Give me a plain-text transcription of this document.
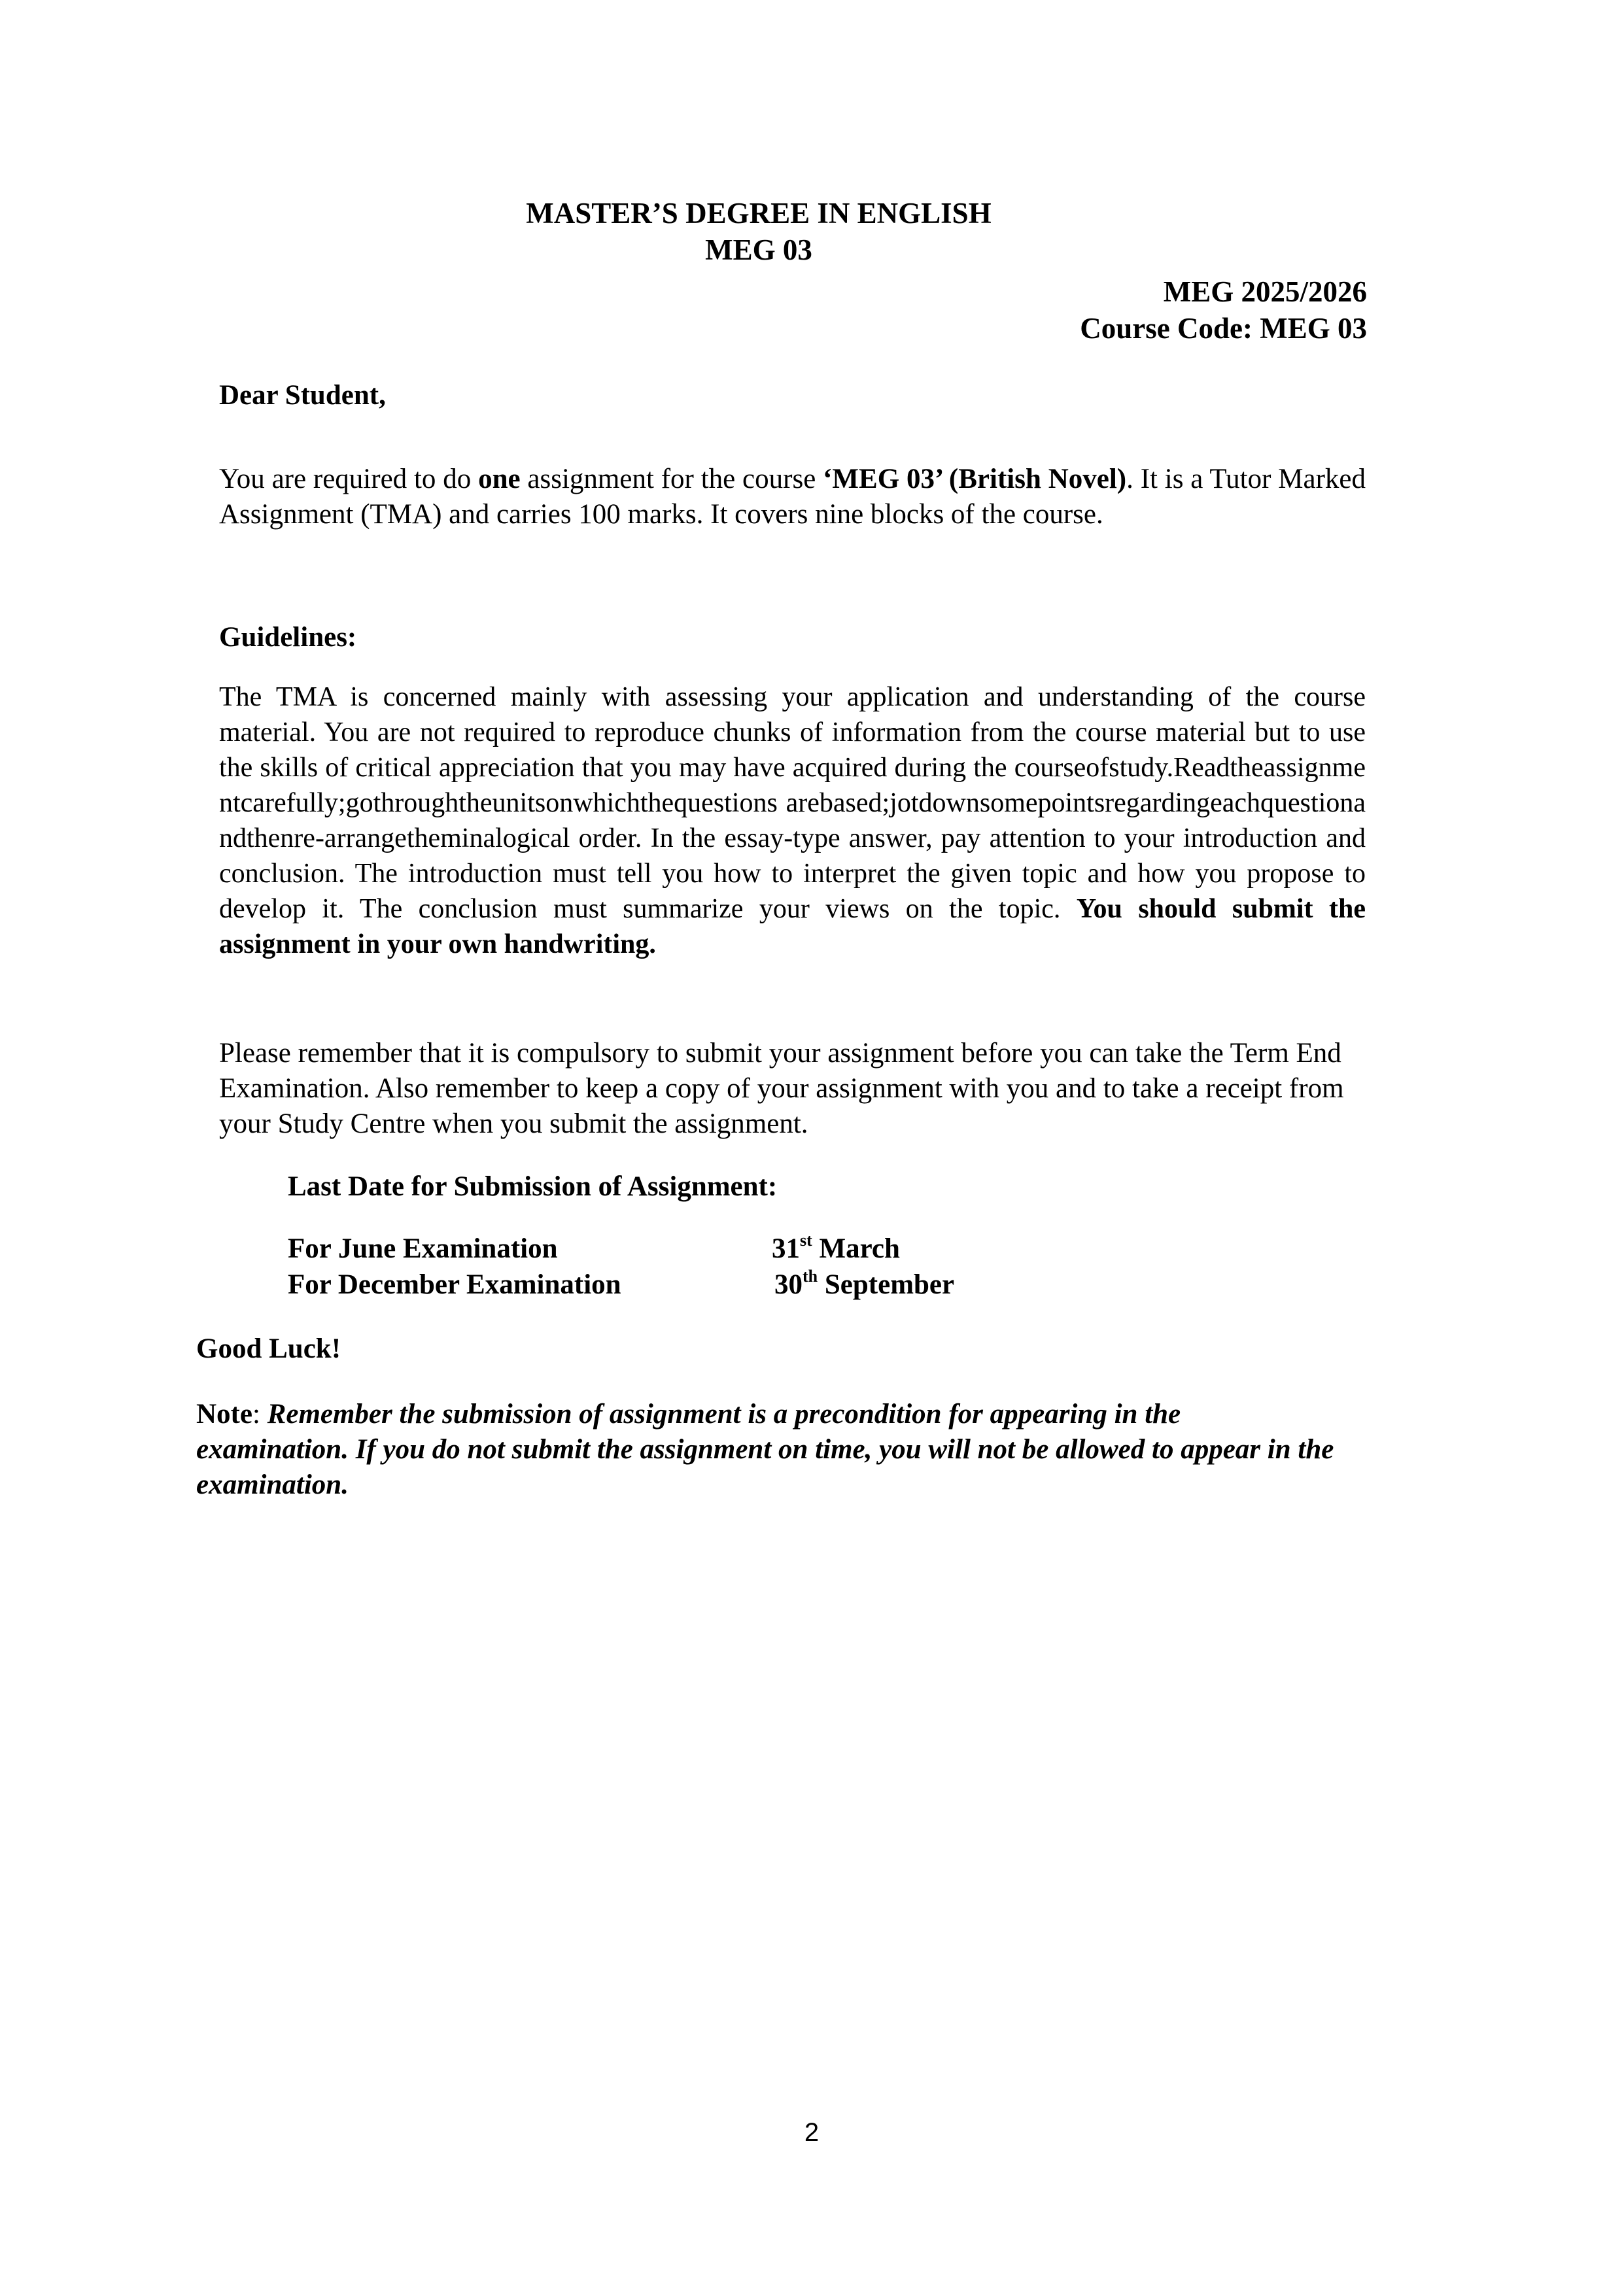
MASTER’S DEGREE IN ENGLISH
MEG 03
MEG 2025/2026
Course Code: MEG 03
Dear Student,
You are required to do one assignment for the course ‘MEG 03’ (British Novel). It is a Tutor Marked Assignment (TMA) and carries 100 marks. It covers nine blocks of the course.
Guidelines:
The TMA is concerned mainly with assessing your application and understanding of the course material. You are not required to reproduce chunks of information from the course material but to use the skills of critical appreciation that you may have acquired during the courseofstudy.Readtheassignmentcarefully;gothroughtheunitsonwhichthequestions arebased;jotdownsomepointsregardingeachquestionandthenre-arrangetheminalogical order. In the essay-type answer, pay attention to your introduction and conclusion. The introduction must tell you how to interpret the given topic and how you propose to develop it. The conclusion must summarize your views on the topic. You should submit the assignment in your own handwriting.
Please remember that it is compulsory to submit your assignment before you can take the Term End Examination. Also remember to keep a copy of your assignment with you and to take a receipt from your Study Centre when you submit the assignment.
Last Date for Submission of Assignment:
For June Examination	31st March
For December Examination	30th September
Good Luck!
Note: Remember the submission of assignment is a precondition for appearing in the examination. If you do not submit the assignment on time, you will not be allowed to appear in the examination.
2
